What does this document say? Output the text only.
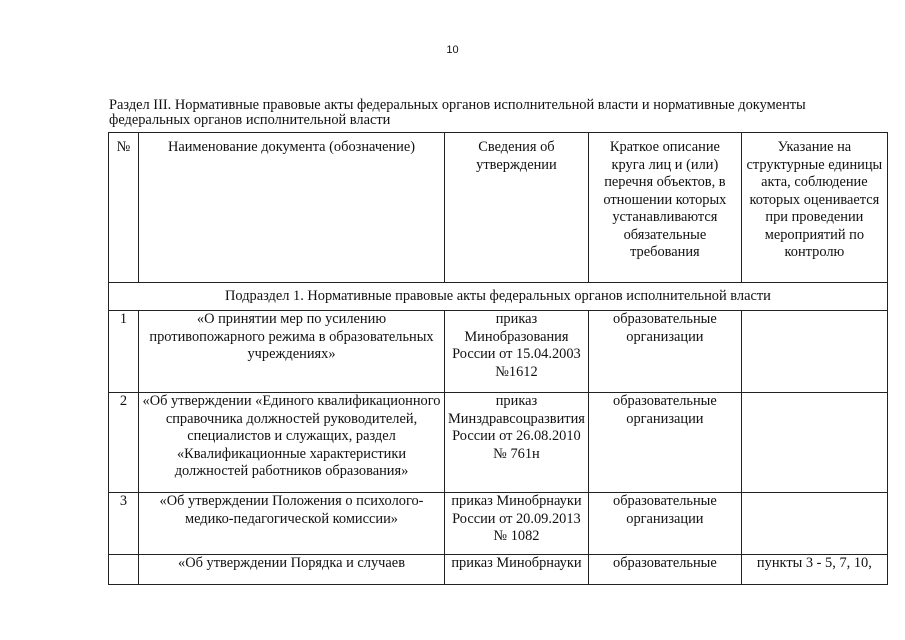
10
Раздел III. Нормативные правовые акты федеральных органов исполнительной власти и нормативные документы федеральных органов исполнительной власти
№	Наименование документа (обозначение)	Сведения об утверждении	Краткое описание круга лиц и (или) перечня объектов, в отношении которых устанавливаются обязательные требования	Указание на структурные единицы акта, соблюдение которых оценивается при проведении мероприятий по контролю
Подраздел 1. Нормативные правовые акты федеральных органов исполнительной власти				
1	«О принятии мер по усилению противопожарного режима в образовательных учреждениях»	приказ Минобразования России от 15.04.2003 №1612	образовательные организации	
2	«Об утверждении «Единого квалификационного справочника должностей руководителей, специалистов и служащих, раздел «Квалификационные характеристики должностей работников образования»	приказ Минздравсоцразвития России от 26.08.2010 № 761н	образовательные организации	
3	«Об утверждении Положения о психолого-медико-педагогической комиссии»	приказ Минобрнауки России от 20.09.2013 № 1082	образовательные организации	
	«Об утверждении Порядка и случаев	приказ Минобрнауки	образовательные	пункты 3 - 5, 7, 10,
